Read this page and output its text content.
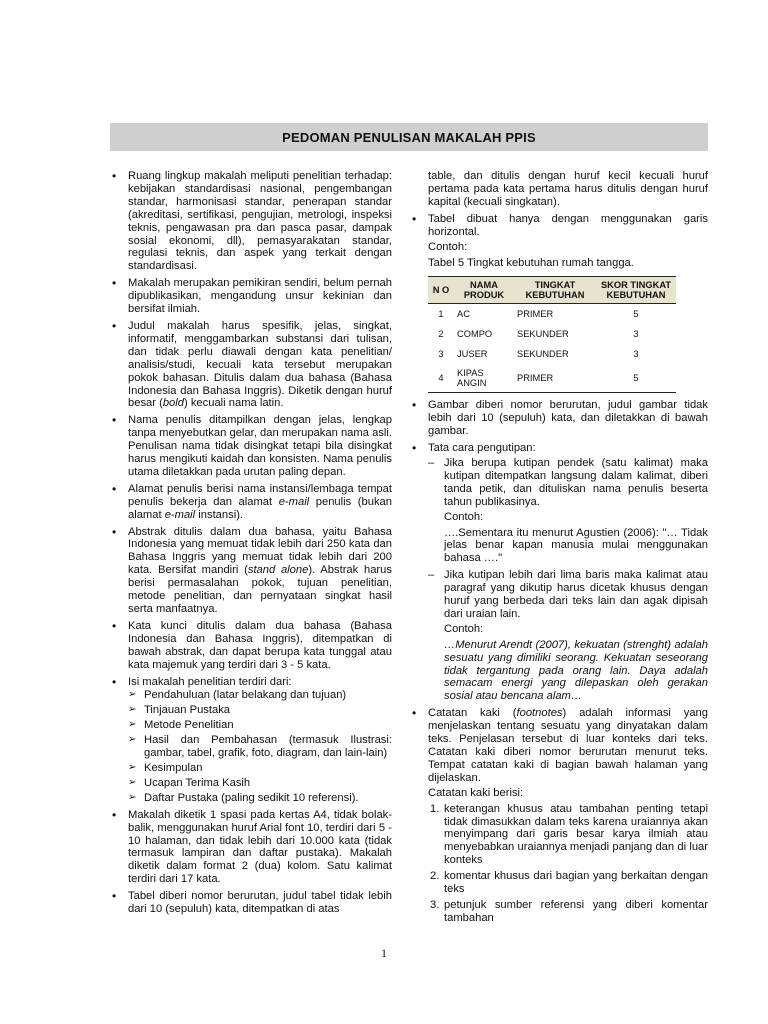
PEDOMAN PENULISAN MAKALAH PPIS
• Ruang lingkup makalah meliputi penelitian terhadap: kebijakan standardisasi nasional, pengembangan standar, harmonisasi standar, penerapan standar (akreditasi, sertifikasi, pengujian, metrologi, inspeksi teknis, pengawasan pra dan pasca pasar, dampak sosial ekonomi, dll), pemasyarakatan standar, regulasi teknis, dan aspek yang terkait dengan standardisasi.
• Makalah merupakan pemikiran sendiri, belum pernah dipublikasikan, mengandung unsur kekinian dan bersifat ilmiah.
• Judul makalah harus spesifik, jelas, singkat, informatif, menggambarkan substansi dari tulisan, dan tidak perlu diawali dengan kata penelitian/ analisis/studi, kecuali kata tersebut merupakan pokok bahasan. Ditulis dalam dua bahasa (Bahasa Indonesia dan Bahasa Inggris). Diketik dengan huruf besar (bold) kecuali nama latin.
• Nama penulis ditampilkan dengan jelas, lengkap tanpa menyebutkan gelar, dan merupakan nama asli. Penulisan nama tidak disingkat tetapi bila disingkat harus mengikuti kaidah dan konsisten. Nama penulis utama diletakkan pada urutan paling depan.
• Alamat penulis berisi nama instansi/lembaga tempat penulis bekerja dan alamat e-mail penulis (bukan alamat e-mail instansi).
• Abstrak ditulis dalam dua bahasa, yaitu Bahasa Indonesia yang memuat tidak lebih dari 250 kata dan Bahasa Inggris yang memuat tidak lebih dari 200 kata. Bersifat mandiri (stand alone). Abstrak harus berisi permasalahan pokok, tujuan penelitian, metode penelitian, dan pernyataan singkat hasil serta manfaatnya.
• Kata kunci ditulis dalam dua bahasa (Bahasa Indonesia dan Bahasa Inggris), ditempatkan di bawah abstrak, dan dapat berupa kata tunggal atau kata majemuk yang terdiri dari 3 - 5 kata.
• Isi makalah penelitian terdiri dari:
➢ Pendahuluan (latar belakang dan tujuan)
➢ Tinjauan Pustaka
➢ Metode Penelitian
➢ Hasil dan Pembahasan (termasuk Ilustrasi: gambar, tabel, grafik, foto, diagram, dan lain-lain)
➢ Kesimpulan
➢ Ucapan Terima Kasih
➢ Daftar Pustaka (paling sedikit 10 referensi).
• Makalah diketik 1 spasi pada kertas A4, tidak bolak-balik, menggunakan huruf Arial font 10, terdiri dari 5 - 10 halaman, dan tidak lebih dari 10.000 kata (tidak termasuk lampiran dan daftar pustaka). Makalah diketik dalam format 2 (dua) kolom. Satu kalimat terdiri dari 17 kata.
• Tabel diberi nomor berurutan, judul tabel tidak lebih dari 10 (sepuluh) kata, ditempatkan di atas
table, dan ditulis dengan huruf kecil kecuali huruf pertama pada kata pertama harus ditulis dengan huruf kapital (kecuali singkatan).
• Tabel dibuat hanya dengan menggunakan garis horizontal.
Contoh:
Tabel 5 Tingkat kebutuhan rumah tangga.
N O	NAMA PRODUK	TINGKAT KEBUTUHAN	SKOR TINGKAT KEBUTUHAN
1	AC	PRIMER	5
2	COMPO	SEKUNDER	3
3	JUSER	SEKUNDER	3
4	KIPAS ANGIN	PRIMER	5
• Gambar diberi nomor berurutan, judul gambar tidak lebih dari 10 (sepuluh) kata, dan diletakkan di bawah gambar.
• Tata cara pengutipan:
– Jika berupa kutipan pendek (satu kalimat) maka kutipan ditempatkan langsung dalam kalimat, diberi tanda petik, dan dituliskan nama penulis beserta tahun publikasinya.
Contoh:
….Sementara itu menurut Agustien (2006): "… Tidak jelas benar kapan manusia mulai menggunakan bahasa …."
– Jika kutipan lebih dari lima baris maka kalimat atau paragraf yang dikutip harus dicetak khusus dengan huruf yang berbeda dari teks lain dan agak dipisah dari uraian lain.
Contoh:
…Menurut Arendt (2007), kekuatan (strenght) adalah sesuatu yang dimiliki seorang. Kekuatan seseorang tidak tergantung pada orang lain. Daya adalah semacam energi yang dilepaskan oleh gerakan sosial atau bencana alam…
• Catatan kaki (footnotes) adalah informasi yang menjelaskan tentang sesuatu yang dinyatakan dalam teks. Penjelasan tersebut di luar konteks dari teks. Catatan kaki diberi nomor berurutan menurut teks. Tempat catatan kaki di bagian bawah halaman yang dijelaskan.
Catatan kaki berisi:
1. keterangan khusus atau tambahan penting tetapi tidak dimasukkan dalam teks karena uraiannya akan menyimpang dari garis besar karya ilmiah atau menyebabkan uraiannya menjadi panjang dan di luar konteks
2. komentar khusus dari bagian yang berkaitan dengan teks
3. petunjuk sumber referensi yang diberi komentar tambahan
1
